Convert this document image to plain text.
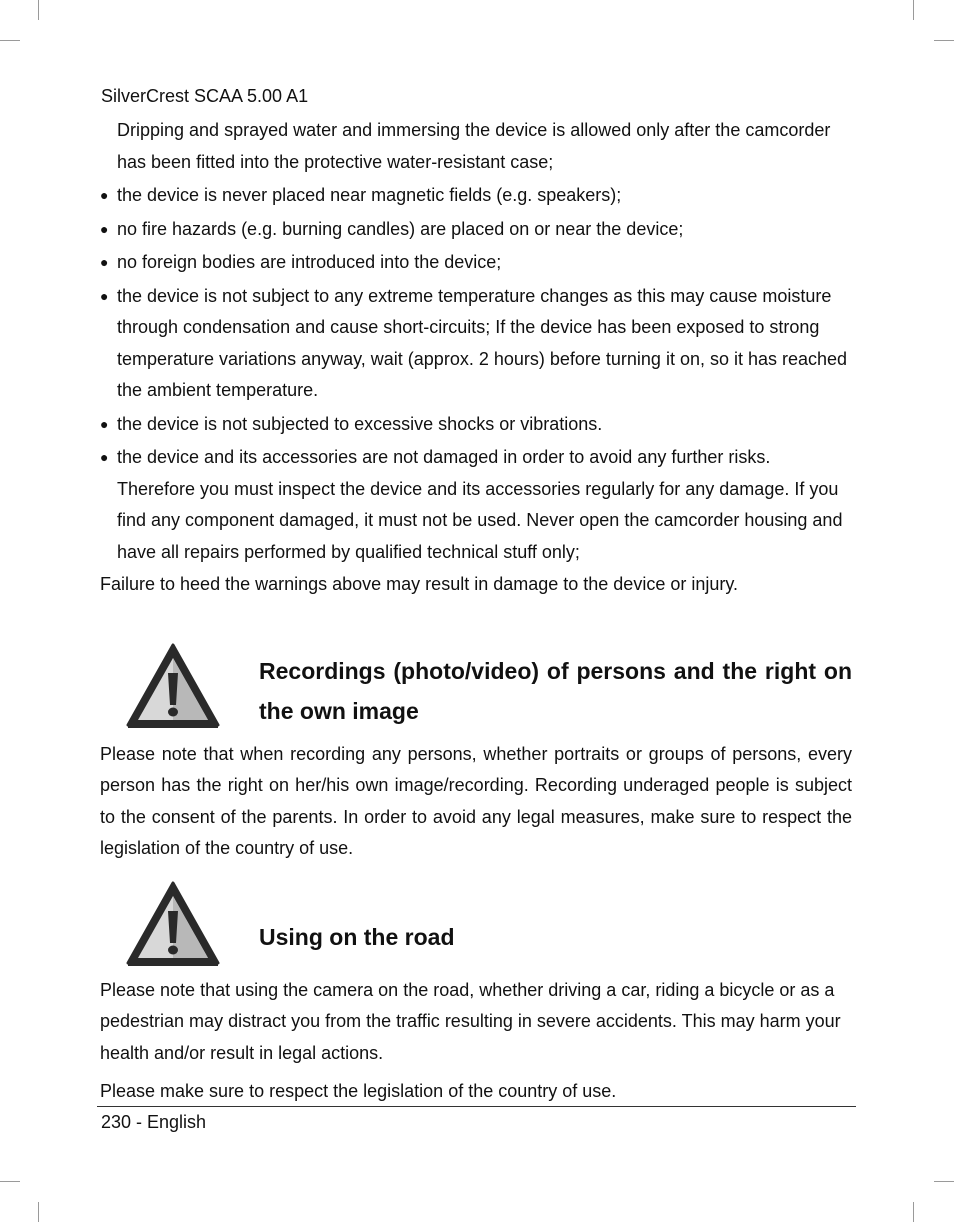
SilverCrest SCAA 5.00 A1

Dripping and sprayed water and immersing the device is allowed only after the camcorder has been fitted into the protective water-resistant case;

● the device is never placed near magnetic fields (e.g. speakers);

● no fire hazards (e.g. burning candles) are placed on or near the device;

● no foreign bodies are introduced into the device;

● the device is not subject to any extreme temperature changes as this may cause moisture through condensation and cause short-circuits; If the device has been exposed to strong temperature variations anyway, wait (approx. 2 hours) before turning it on, so it has reached the ambient temperature.

● the device is not subjected to excessive shocks or vibrations.

● the device and its accessories are not damaged in order to avoid any further risks. Therefore you must inspect the device and its accessories regularly for any damage. If you find any component damaged, it must not be used. Never open the camcorder housing and have all repairs performed by qualified technical stuff only;

Failure to heed the warnings above may result in damage to the device or injury.

Recordings (photo/video) of persons and the right on the own image

Please note that when recording any persons, whether portraits or groups of persons, every person has the right on her/his own image/recording. Recording underaged people is subject to the consent of the parents. In order to avoid any legal measures, make sure to respect the legislation of the country of use.

Using on the road

Please note that using the camera on the road, whether driving a car, riding a bicycle or as a pedestrian may distract you from the traffic resulting in severe accidents. This may harm your health and/or result in legal actions.

Please make sure to respect the legislation of the country of use.

230 - English
